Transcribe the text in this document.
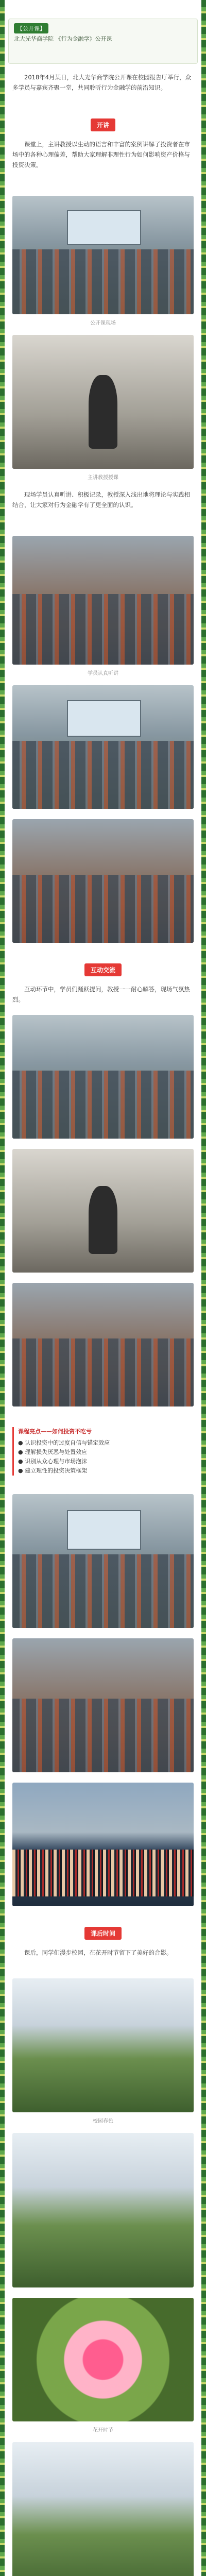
【公开课】
北大光华商学院 《行为金融学》公开课
2018年4月某日，北大光华商学院公开课在校园报告厅举行，众多学员与嘉宾齐聚一堂，共同聆听行为金融学的前沿知识。
开讲
课堂上，主讲教授以生动的语言和丰富的案例讲解了投资者在市场中的各种心理偏差，帮助大家理解非理性行为如何影响资产价格与投资决策。
公开课现场
主讲教授授课
现场学员认真听讲、积极记录，教授深入浅出地将理论与实践相结合，让大家对行为金融学有了更全面的认识。
学员认真听讲
互动交流
互动环节中，学员们踊跃提问，教授一一耐心解答，现场气氛热烈。
课程亮点——如何投资不吃亏
● 认识投资中的过度自信与锚定效应
● 理解损失厌恶与处置效应
● 识别从众心理与市场泡沫
● 建立理性的投资决策框架
课后时间
课后，同学们漫步校园，在花开时节留下了美好的合影。
校园春色
花开时节
